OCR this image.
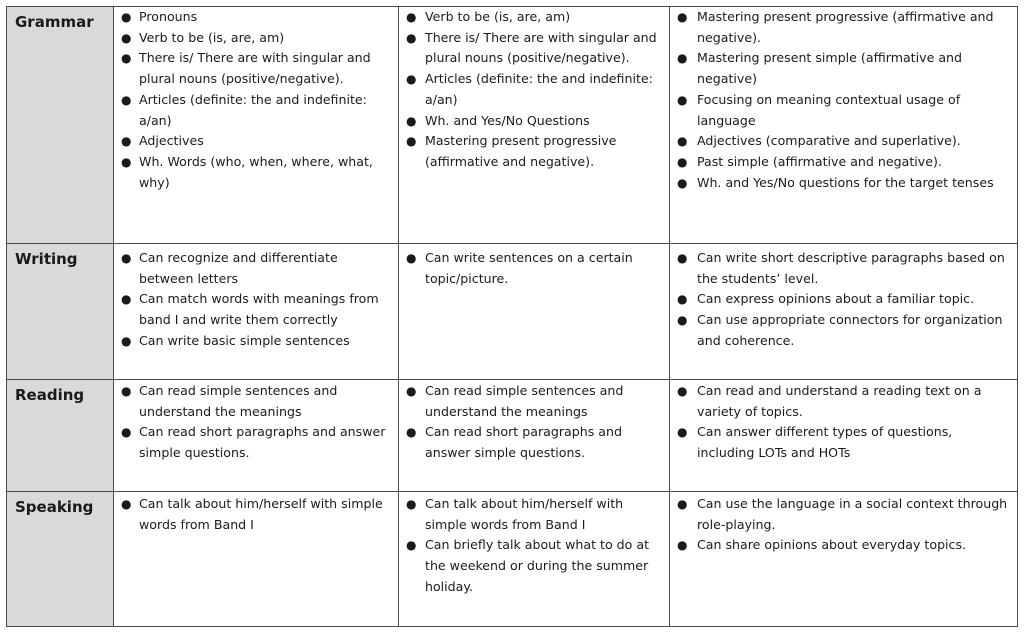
Grammar
Writing
Reading
Speaking
● Pronouns
● Verb to be (is, are, am)
● There is/ There are with singular and plural nouns (positive/negative).
● Articles (definite: the and indefinite: a/an)
● Adjectives
● Wh. Words (who, when, where, what, why)
● Verb to be (is, are, am)
● There is/ There are with singular and plural nouns (positive/negative).
● Articles (definite: the and indefinite: a/an)
● Wh. and Yes/No Questions
● Mastering present progressive (affirmative and negative).
● Mastering present progressive (affirmative and negative).
● Mastering present simple (affirmative and negative)
● Focusing on meaning contextual usage of language
● Adjectives (comparative and superlative).
● Past simple (affirmative and negative).
● Wh. and Yes/No questions for the target tenses
● Can recognize and differentiate between letters
● Can match words with meanings from band I and write them correctly
● Can write basic simple sentences
● Can write sentences on a certain topic/picture.
● Can write short descriptive paragraphs based on the students’ level.
● Can express opinions about a familiar topic.
● Can use appropriate connectors for organization and coherence.
● Can read simple sentences and understand the meanings
● Can read short paragraphs and answer simple questions.
● Can read simple sentences and understand the meanings
● Can read short paragraphs and answer simple questions.
● Can read and understand a reading text on a variety of topics.
● Can answer different types of questions, including LOTs and HOTs
● Can talk about him/herself with simple words from Band I
● Can talk about him/herself with simple words from Band I
● Can briefly talk about what to do at the weekend or during the summer holiday.
● Can use the language in a social context through role-playing.
● Can share opinions about everyday topics.
